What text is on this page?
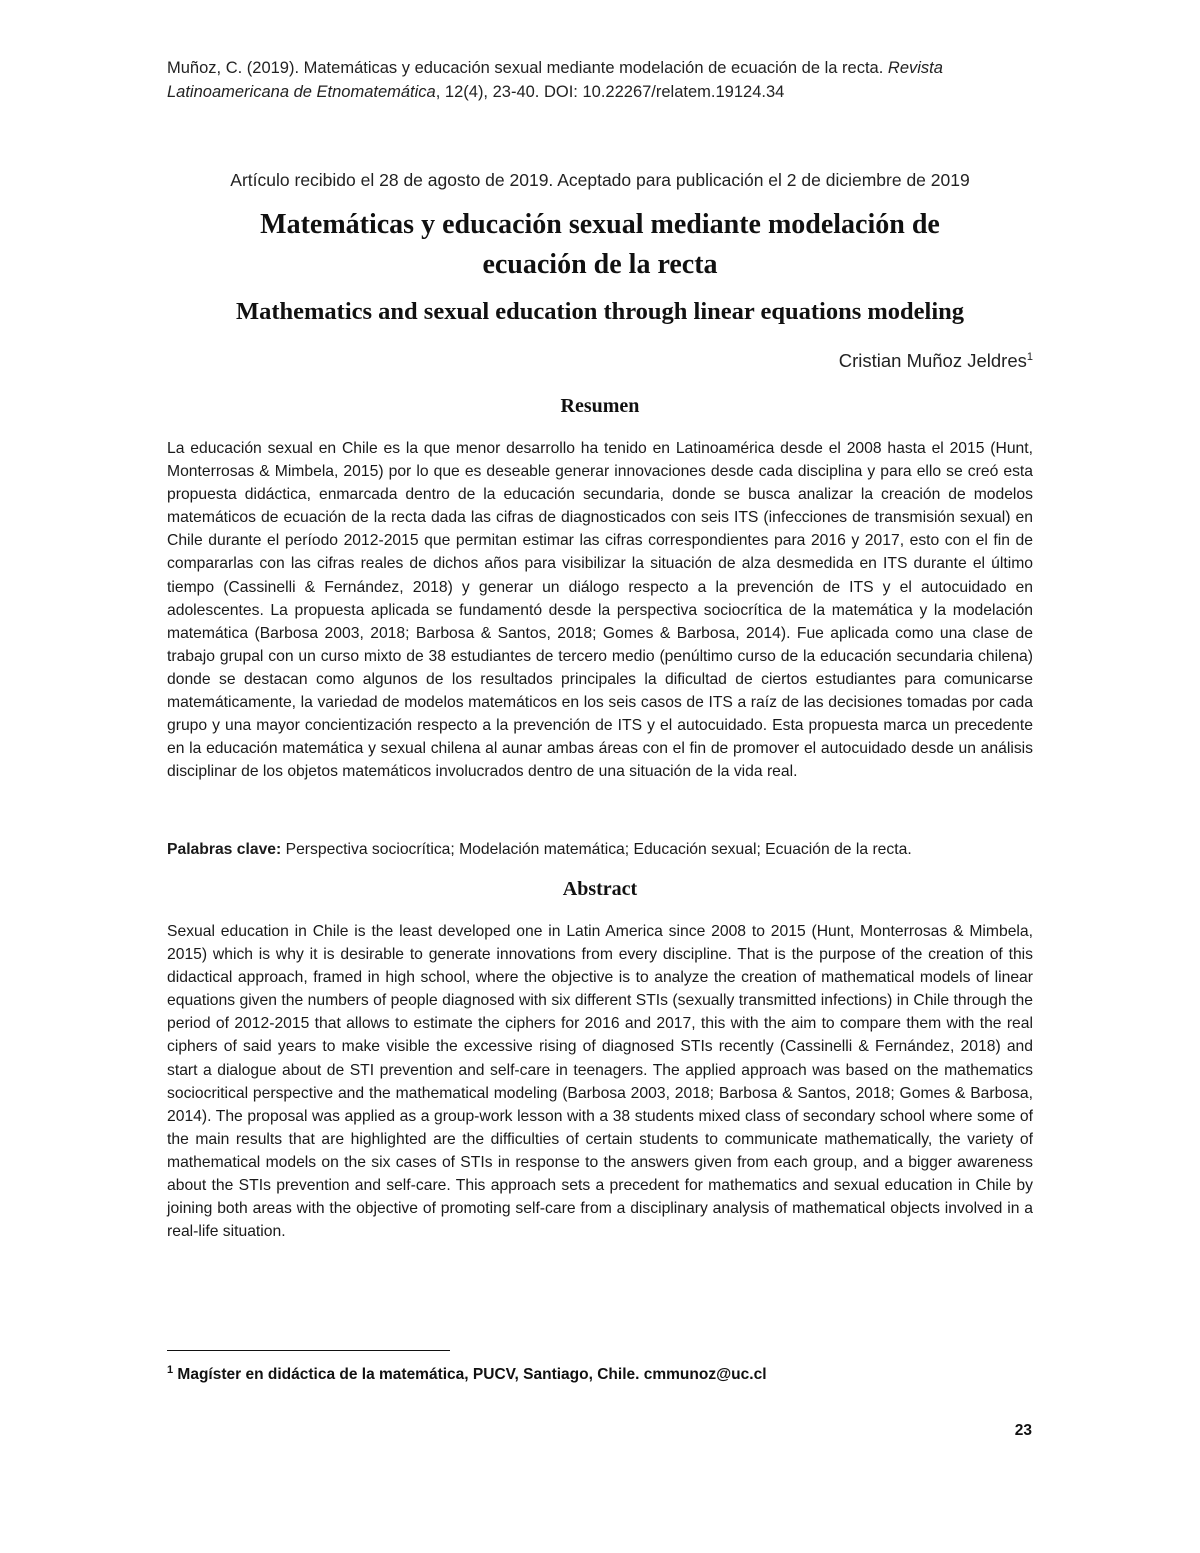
Muñoz, C. (2019). Matemáticas y educación sexual mediante modelación de ecuación de la recta. Revista Latinoamericana de Etnomatemática, 12(4), 23-40. DOI: 10.22267/relatem.19124.34
Artículo recibido el 28 de agosto de 2019. Aceptado para publicación el 2 de diciembre de 2019
Matemáticas y educación sexual mediante modelación de
ecuación de la recta
Mathematics and sexual education through linear equations modeling
Cristian Muñoz Jeldres$^1$
Resumen
La educación sexual en Chile es la que menor desarrollo ha tenido en Latinoamérica desde el 2008 hasta el 2015 (Hunt, Monterrosas & Mimbela, 2015) por lo que es deseable generar innovaciones desde cada disciplina y para ello se creó esta propuesta didáctica, enmarcada dentro de la educación secundaria, donde se busca analizar la creación de modelos matemáticos de ecuación de la recta dada las cifras de diagnosticados con seis ITS (infecciones de transmisión sexual) en Chile durante el período 2012-2015 que permitan estimar las cifras correspondientes para 2016 y 2017, esto con el fin de compararlas con las cifras reales de dichos años para visibilizar la situación de alza desmedida en ITS durante el último tiempo (Cassinelli & Fernández, 2018) y generar un diálogo respecto a la prevención de ITS y el autocuidado en adolescentes. La propuesta aplicada se fundamentó desde la perspectiva sociocrítica de la matemática y la modelación matemática (Barbosa 2003, 2018; Barbosa & Santos, 2018; Gomes & Barbosa, 2014). Fue aplicada como una clase de trabajo grupal con un curso mixto de 38 estudiantes de tercero medio (penúltimo curso de la educación secundaria chilena) donde se destacan como algunos de los resultados principales la dificultad de ciertos estudiantes para comunicarse matemáticamente, la variedad de modelos matemáticos en los seis casos de ITS a raíz de las decisiones tomadas por cada grupo y una mayor concientización respecto a la prevención de ITS y el autocuidado. Esta propuesta marca un precedente en la educación matemática y sexual chilena al aunar ambas áreas con el fin de promover el autocuidado desde un análisis disciplinar de los objetos matemáticos involucrados dentro de una situación de la vida real.
Palabras clave: Perspectiva sociocrítica; Modelación matemática; Educación sexual; Ecuación de la recta.
Abstract
Sexual education in Chile is the least developed one in Latin America since 2008 to 2015 (Hunt, Monterrosas & Mimbela, 2015) which is why it is desirable to generate innovations from every discipline. That is the purpose of the creation of this didactical approach, framed in high school, where the objective is to analyze the creation of mathematical models of linear equations given the numbers of people diagnosed with six different STIs (sexually transmitted infections) in Chile through the period of 2012-2015 that allows to estimate the ciphers for 2016 and 2017, this with the aim to compare them with the real ciphers of said years to make visible the excessive rising of diagnosed STIs recently (Cassinelli & Fernández, 2018) and start a dialogue about de STI prevention and self-care in teenagers. The applied approach was based on the mathematics sociocritical perspective and the mathematical modeling (Barbosa 2003, 2018; Barbosa & Santos, 2018; Gomes & Barbosa, 2014). The proposal was applied as a group-work lesson with a 38 students mixed class of secondary school where some of the main results that are highlighted are the difficulties of certain students to communicate mathematically, the variety of mathematical models on the six cases of STIs in response to the answers given from each group, and a bigger awareness about the STIs prevention and self-care. This approach sets a precedent for mathematics and sexual education in Chile by joining both areas with the objective of promoting self-care from a disciplinary analysis of mathematical objects involved in a real-life situation.
$^1$ Magíster en didáctica de la matemática, PUCV, Santiago, Chile. cmmunoz@uc.cl
23
